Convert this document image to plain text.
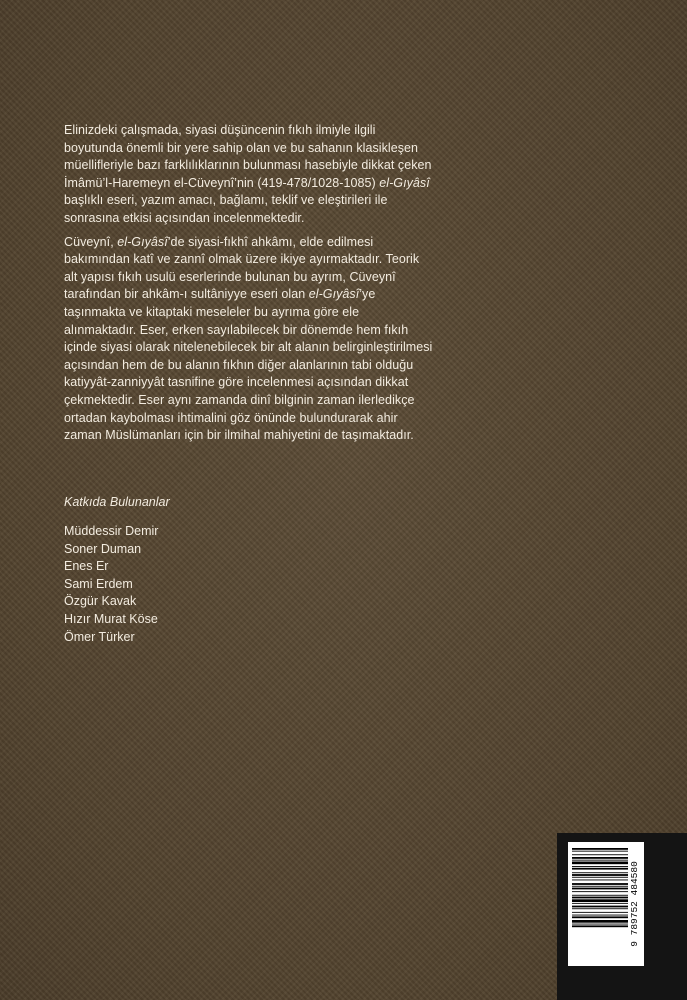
Elinizdeki çalışmada, siyasi düşüncenin fıkıh ilmiyle ilgili boyutunda önemli bir yere sahip olan ve bu sahanın klasikleşen müellifleriyle bazı farklılıklarının bulunması hasebiyle dikkat çeken İmâmü’l-Haremeyn el-Cüveynî’nin (419-478/1028-1085) el-Gıyâsî başlıklı eseri, yazım amacı, bağlamı, teklif ve eleştirileri ile sonrasına etkisi açısından incelenmektedir.

Cüveynî, el-Gıyâsî’de siyasi-fıkhî ahkâmı, elde edilmesi bakımından katî ve zannî olmak üzere ikiye ayırmaktadır. Teorik alt yapısı fıkıh usulü eserlerinde bulunan bu ayrım, Cüveynî tarafından bir ahkâm-ı sultâniyye eseri olan el-Gıyâsî’ye taşınmakta ve kitaptaki meseleler bu ayrıma göre ele alınmaktadır. Eser, erken sayılabilecek bir dönemde hem fıkıh içinde siyasi olarak nitelenebilecek bir alt alanın belirginleştirilmesi açısından hem de bu alanın fıkhın diğer alanlarının tabi olduğu katiyyât-zanniyyât tasnifine göre incelenmesi açısından dikkat çekmektedir. Eser aynı zamanda dinî bilginin zaman ilerledikçe ortadan kaybolması ihtimalini göz önünde bulundurarak ahir zaman Müslümanları için bir ilmihal mahiyetini de taşımaktadır.

Katkıda Bulunanlar
Müddessir Demir
Soner Duman
Enes Er
Sami Erdem
Özgür Kavak
Hızır Murat Köse
Ömer Türker
9 789752 484580
